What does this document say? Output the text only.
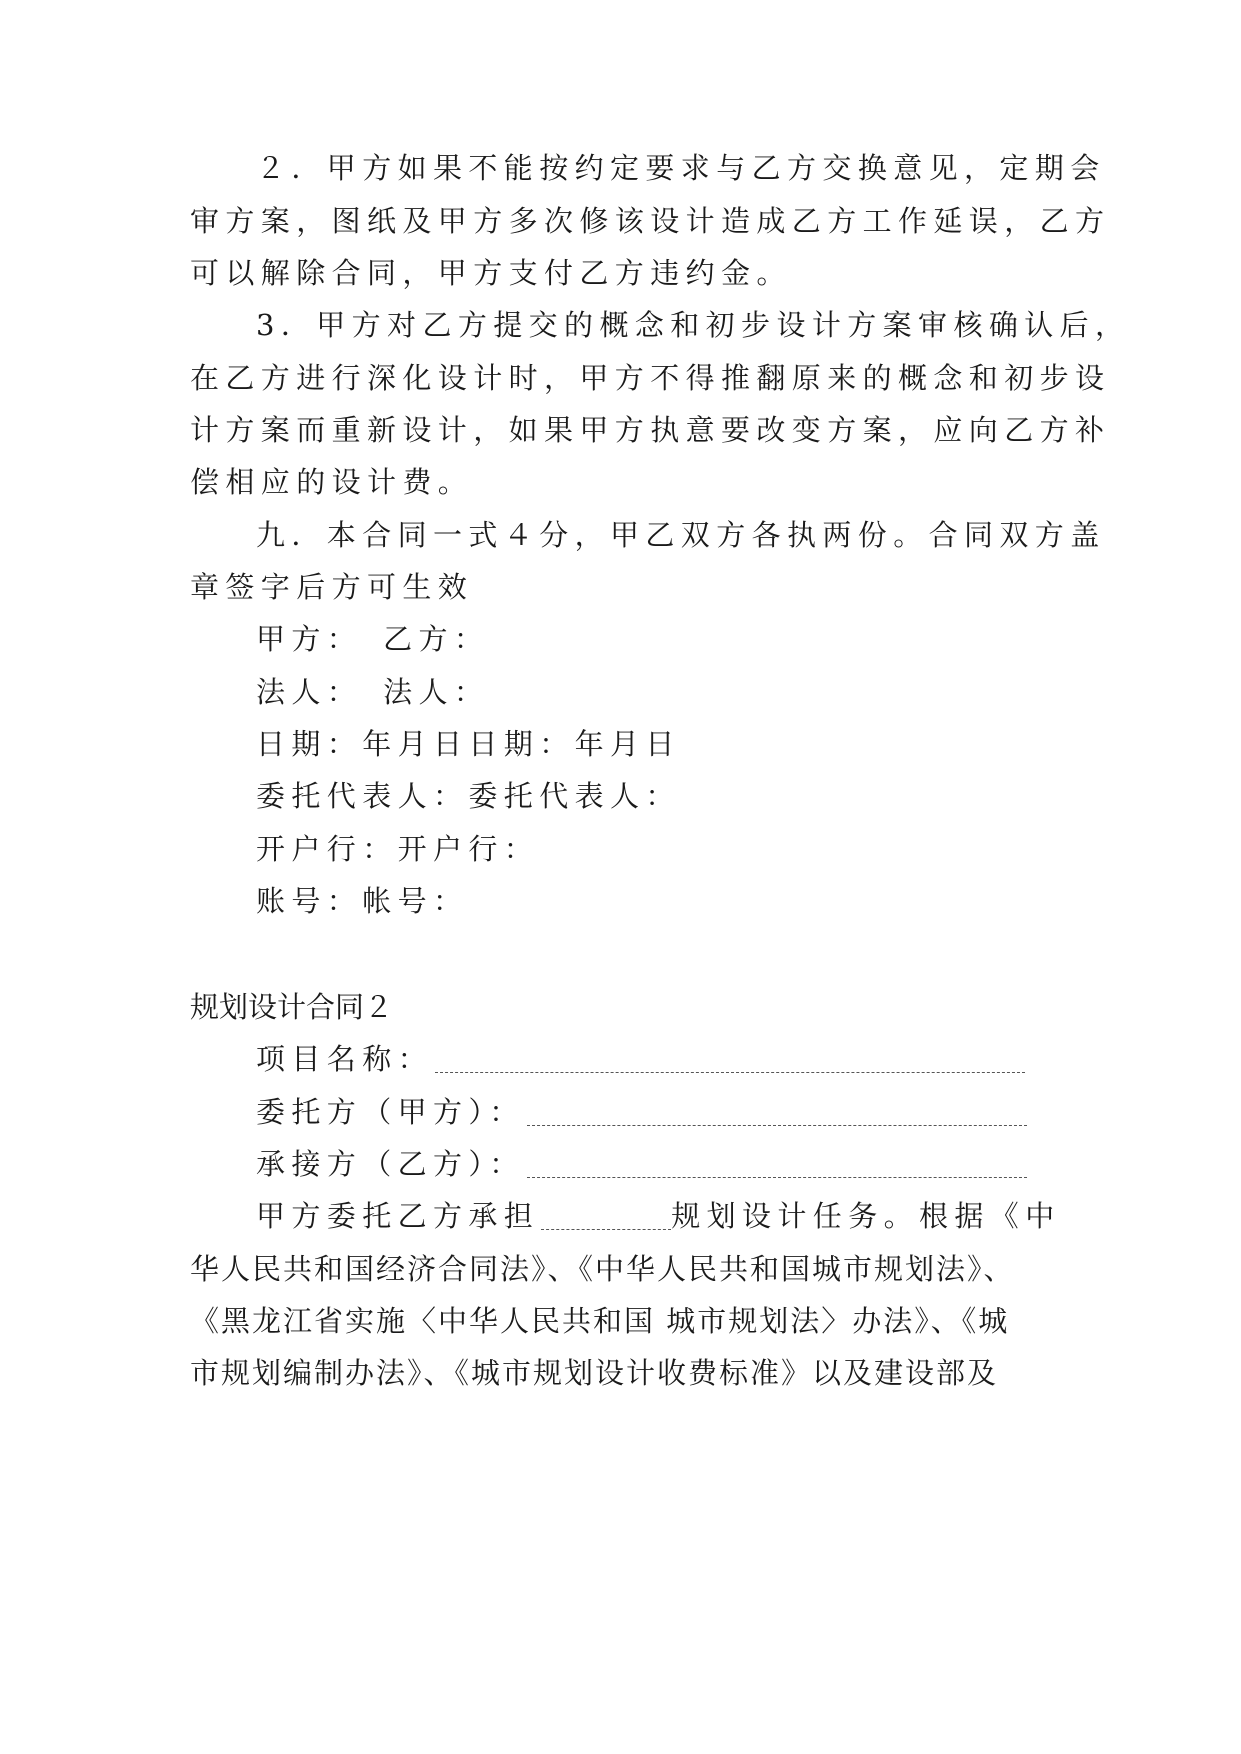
２．甲方如果不能按约定要求与乙方交换意见，定期会
审方案，图纸及甲方多次修该设计造成乙方工作延误，乙方
可以解除合同，甲方支付乙方违约金。
3．甲方对乙方提交的概念和初步设计方案审核确认后，
在乙方进行深化设计时，甲方不得推翻原来的概念和初步设
计方案而重新设计，如果甲方执意要改变方案，应向乙方补
偿相应的设计费。
九．本合同一式４分，甲乙双方各执两份。合同双方盖
章签字后方可生效
甲方：　乙方：
法人：　法人：
日期：年月日日期：年月日
委托代表人：委托代表人：
开户行：开户行：
账号：帐号：
规划设计合同２
项目名称：
委托方（甲方）：
承接方（乙方）：
甲方委托乙方承担	规划设计任务。根据《中
华人民共和国经济合同法》、《中华人民共和国城市规划法》、
《黑龙江省实施〈中华人民共和国 城市规划法〉办法》、《城
市规划编制办法》、《城市规划设计收费标准》以及建设部及
